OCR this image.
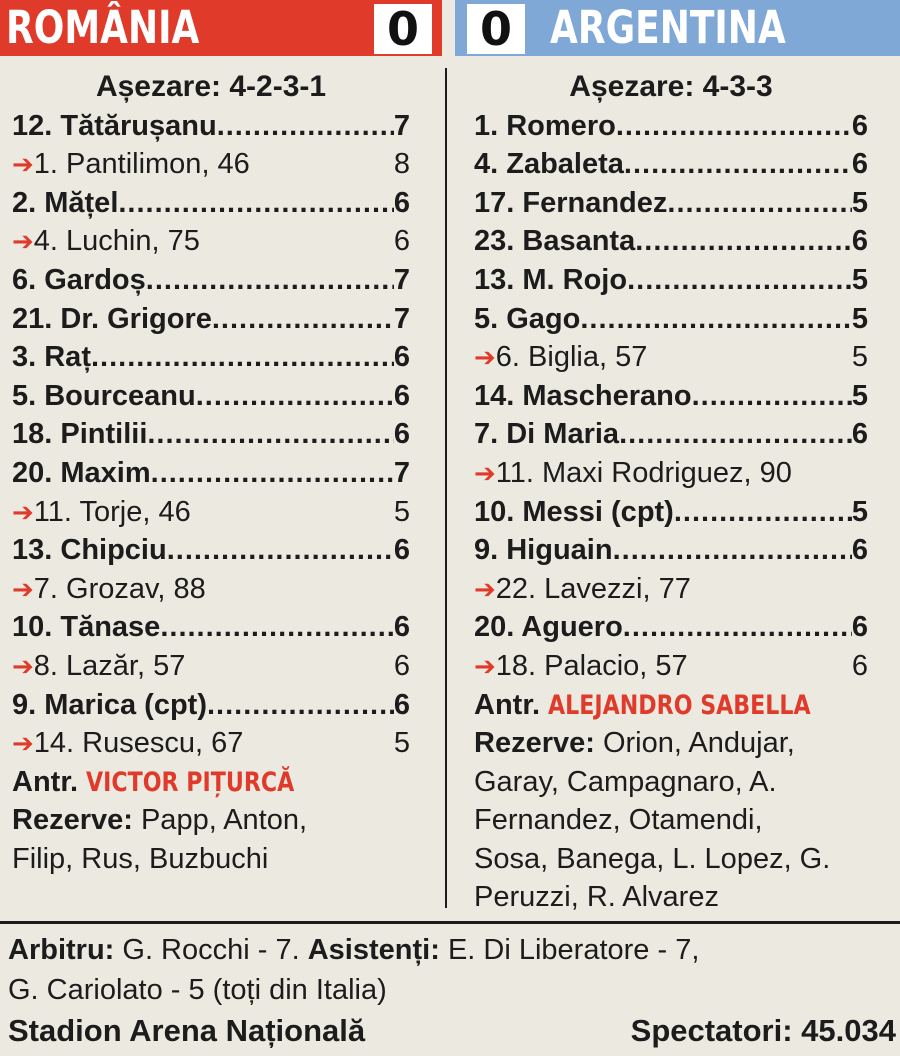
ROMÂNIA	0 0 ARGENTINA
Așezare: 4-2-3-1
12. Tătărușanu .....	7
➔ 1. Pantilimon, 46	8
2. Mățel .....	6
➔ 4. Luchin, 75	6
6. Gardoș .....	7
21. Dr. Grigore .....	7
3. Raț .....	6
5. Bourceanu .....	6
18. Pintilii .....	6
20. Maxim .....	7
➔ 11. Torje, 46	5
13. Chipciu .....	6
➔ 7. Grozav, 88
10. Tănase .....	6
➔ 8. Lazăr, 57	6
9. Marica (cpt) .....	6
➔ 14. Rusescu, 67	5
Antr. VICTOR PIȚURCĂ
Rezerve: Papp, Anton,
Filip, Rus, Buzbuchi
Așezare: 4-3-3
1. Romero .....	6
4. Zabaleta .....	6
17. Fernandez .....	5
23. Basanta .....	6
13. M. Rojo .....	5
5. Gago .....	5
➔ 6. Biglia, 57	5
14. Mascherano .....	5
7. Di Maria .....	6
➔ 11. Maxi Rodriguez, 90
10. Messi (cpt) .....	5
9. Higuain .....	6
➔ 22. Lavezzi, 77
20. Aguero .....	6
➔ 18. Palacio, 57	6
Antr. ALEJANDRO SABELLA
Rezerve: Orion, Andujar,
Garay, Campagnaro, A.
Fernandez, Otamendi,
Sosa, Banega, L. Lopez, G.
Peruzzi, R. Alvarez
Arbitru: G. Rocchi - 7. Asistenți: E. Di Liberatore - 7,
G. Cariolato - 5 (toți din Italia)
Stadion Arena Națională	Spectatori: 45.034
